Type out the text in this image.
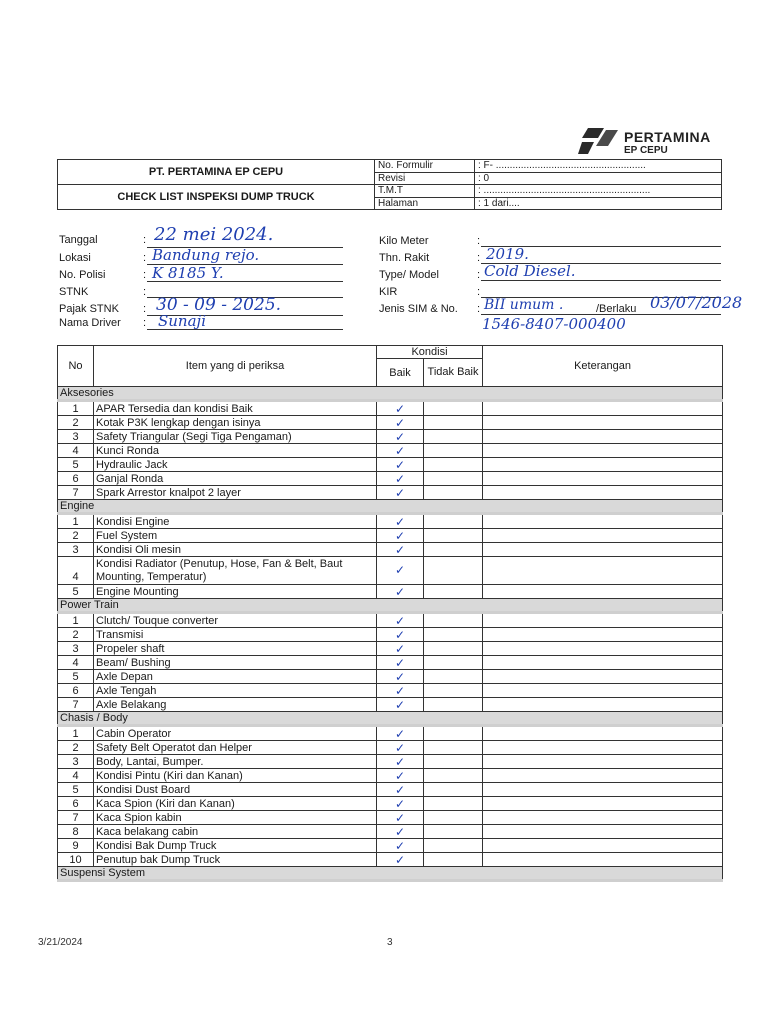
PERTAMINA
EP CEPU
PT. PERTAMINA EP CEPU	No. Formulir	: F- ......................................................
	Revisi	: 0
CHECK LIST INSPEKSI DUMP TRUCK	T.M.T	: ............................................................
	Halaman	: 1 dari....
Tanggal	: 22 mei 2024.
Lokasi	: Bandung rejo.
No. Polisi	: K 8185 Y.
STNK	:
Pajak STNK : 30 - 09 - 2025.
Nama Driver : Sunaji
Kilo Meter	:
Thn. Rakit	: 2019.
Type/ Model	: Cold Diesel.
KIR	:
Jenis SIM & No. : BII umum .	/Berlaku 03/07/2028
1546-8407-000400
No	Item yang di periksa	Kondisi		Keterangan
		Baik	Tidak Baik	
Aksesories				
1	APAR Tersedia dan kondisi Baik	✓		
2	Kotak P3K lengkap dengan isinya	✓		
3	Safety Triangular (Segi Tiga Pengaman)	✓		
4	Kunci Ronda	✓		
5	Hydraulic Jack	✓		
6	Ganjal Ronda	✓		
7	Spark Arrestor knalpot 2 layer	✓		
Engine				
1	Kondisi Engine	✓		
2	Fuel System	✓		
3	Kondisi Oli mesin	✓		
4	Kondisi Radiator (Penutup, Hose, Fan & Belt, Baut Mounting, Temperatur)	✓		
5	Engine Mounting	✓		
Power Train				
1	Clutch/ Touque converter	✓		
2	Transmisi	✓		
3	Propeler shaft	✓		
4	Beam/ Bushing	✓		
5	Axle Depan	✓		
6	Axle Tengah	✓		
7	Axle Belakang	✓		
Chasis / Body				
1	Cabin Operator	✓		
2	Safety Belt Operatot dan Helper	✓		
3	Body, Lantai, Bumper.	✓		
4	Kondisi Pintu (Kiri dan Kanan)	✓		
5	Kondisi Dust Board	✓		
6	Kaca Spion (Kiri dan Kanan)	✓		
7	Kaca Spion kabin	✓		
8	Kaca belakang cabin	✓		
9	Kondisi Bak Dump Truck	✓		
10	Penutup bak Dump Truck	✓		
Suspensi System				
3/21/2024	3
